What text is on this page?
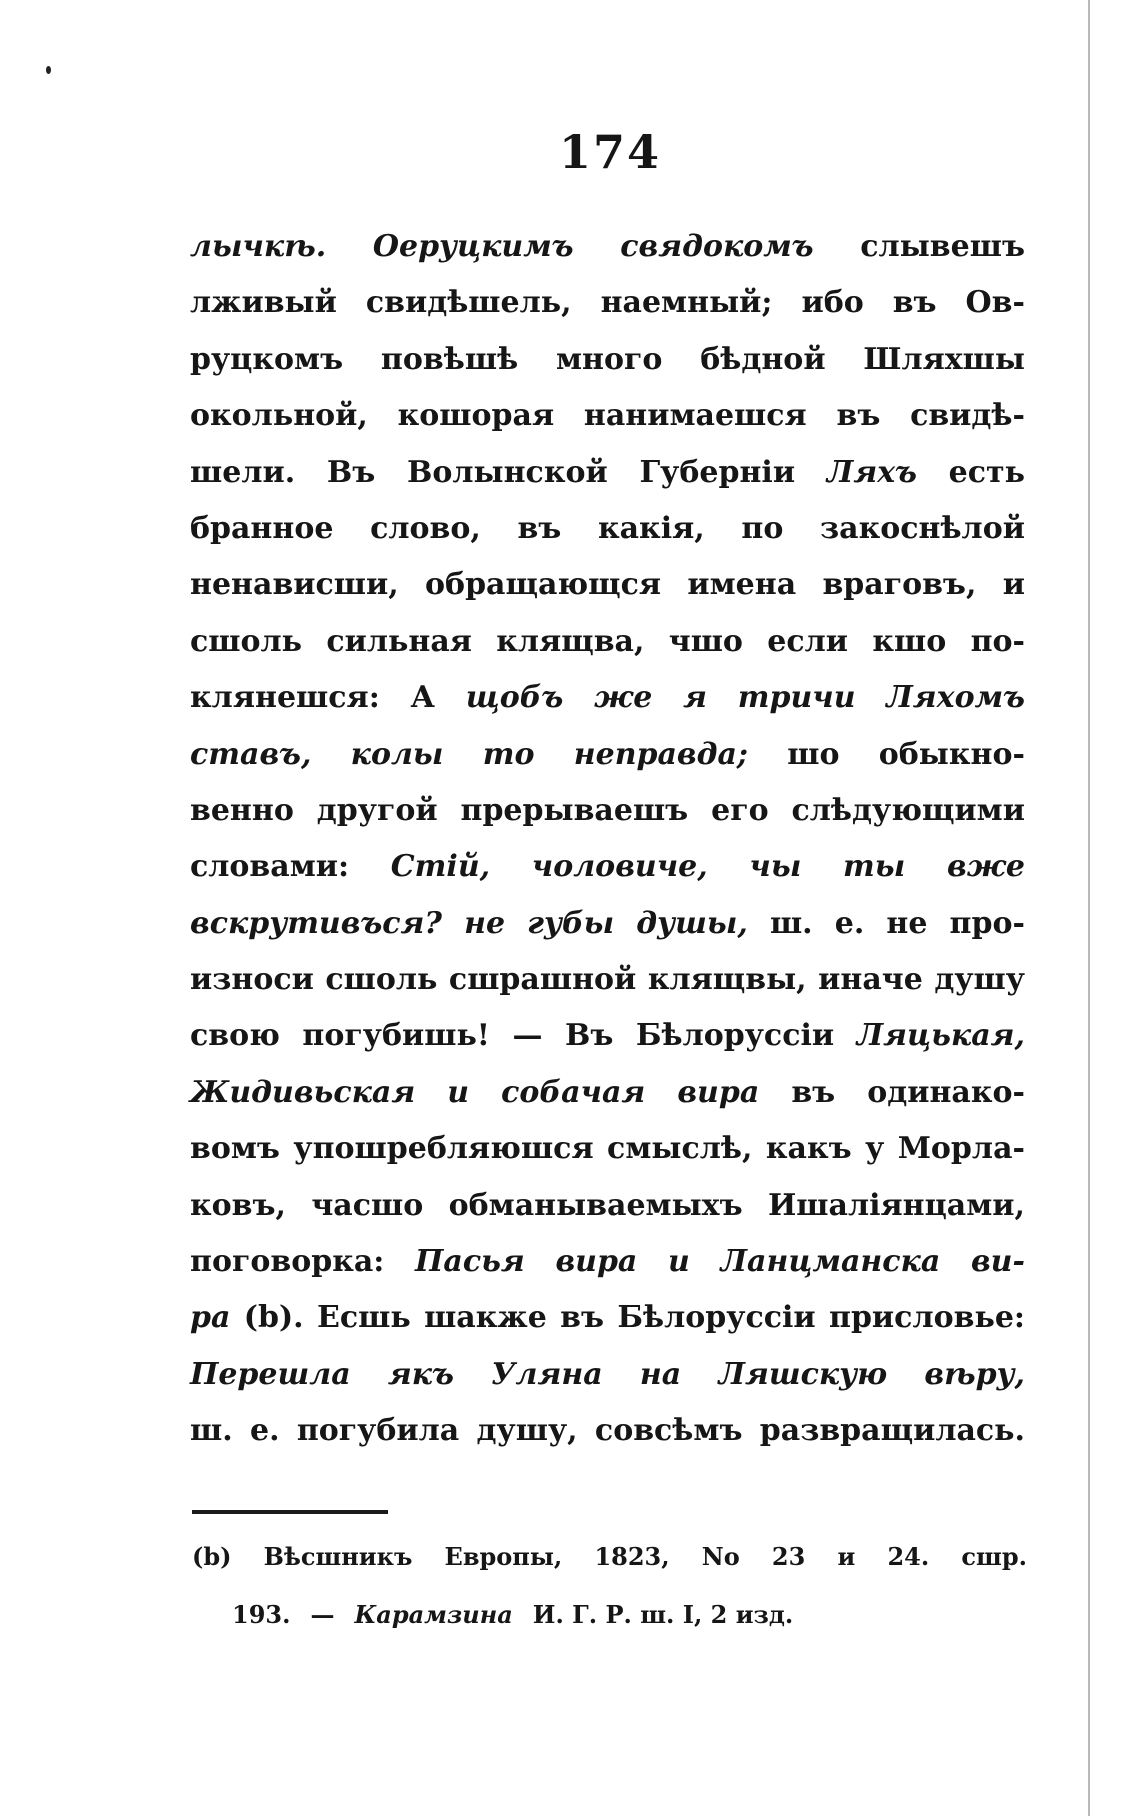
174
лычкѣ. Оеруцкимъ свядокомъ слывешъ
лживый свидѣшель, наемный; ибо въ Ов-
руцкомъ повѣшѣ много бѣдной Шляхшы
окольной, кошорая нанимаешся въ свидѣ-
шели. Въ Волынской Губерніи Ляхъ есть
бранное слово, въ какія, по закоснѣлой
ненависши, обращающся имена враговъ, и
сшоль сильная клящва, чшо если кшо по-
клянешся: А щобъ же я тричи Ляхомъ
ставъ, колы то неправда; шо обыкно-
венно другой прерываешъ его слѣдующими
словами: Стій, чоловиче, чы ты вже
вскрутивъся? не губы душы, ш. е. не про-
износи сшоль сшрашной клящвы, иначе душу
свою погубишь! — Въ Бѣлоруссіи Ляцькая,
Жидивьская и собачая вира въ одинако-
вомъ упошребляюшся смыслѣ, какъ у Морла-
ковъ, часшо обманываемыхъ Ишаліянцами,
поговорка: Пасья вира и Ланцманска ви-
ра (b). Есшь шакже въ Бѣлоруссіи присловье:
Перешла якъ Уляна на Ляшскую вѣру,
ш. е. погубила душу, совсѣмъ развращилась.
(b) Вѣсшникъ Европы, 1823, No 23 и 24. сшр.
193. — Карамзина И. Г. Р. ш. I, 2 изд.
